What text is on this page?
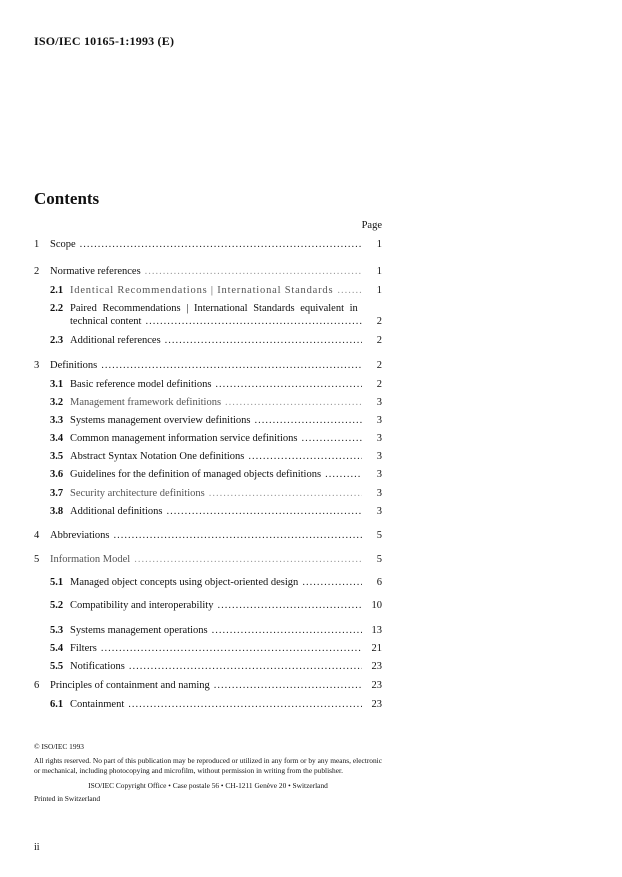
ISO/IEC 10165-1:1993 (E)
Contents
Page
1	Scope .....	1
2	Normative references .....	1
2.1 Identical Recommendations | International Standards .....	1
2.2 Paired Recommendations | International Standards equivalent in
technical content .....	2
2.3 Additional references .....	2
3	Definitions .....	2
3.1 Basic reference model definitions .....	2
3.2 Management framework definitions .....	3
3.3 Systems management overview definitions .....	3
3.4 Common management information service definitions .....	3
3.5 Abstract Syntax Notation One definitions .....	3
3.6 Guidelines for the definition of managed objects definitions .....	3
3.7 Security architecture definitions .....	3
3.8 Additional definitions .....	3
4	Abbreviations .....	5
5	Information Model .....	5
5.1 Managed object concepts using object-oriented design .....	6
5.2 Compatibility and interoperability .....	10
5.3 Systems management operations .....	13
5.4 Filters .....	21
5.5 Notifications .....	23
6	Principles of containment and naming .....	23
6.1 Containment .....	23

© ISO/IEC 1993

All rights reserved. No part of this publication may be reproduced or utilized in any form or by any means, electronic or mechanical, including photocopying and microfilm, without permission in writing from the publisher.

ISO/IEC Copyright Office • Case postale 56 • CH-1211 Genève 20 • Switzerland

Printed in Switzerland

ii
